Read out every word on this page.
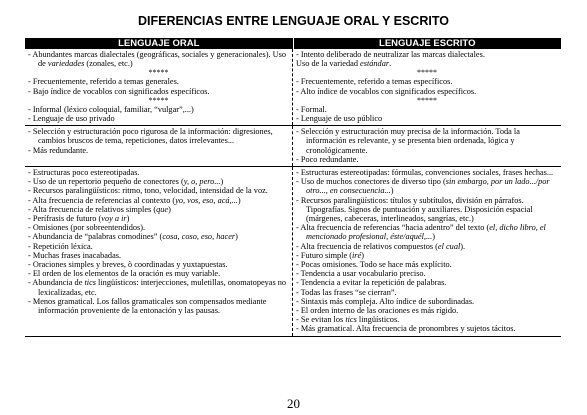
DIFERENCIAS ENTRE LENGUAJE ORAL Y ESCRITO
LENGUAJE ORAL	LENGUAJE ESCRITO
- Abundantes marcas dialectales (geográficas, sociales y generacionales). Uso de variedades (zonales, etc.)
*****
- Frecuentemente, referido a temas generales.
- Bajo índice de vocablos con significados específicos.
*****
- Informal (léxico coloquial, familiar, “vulgar”,...)
- Lenguaje de uso privado
- Intento deliberado de neutralizar las marcas dialectales.
Uso de la variedad estándar.
*****
- Frecuentemente, referido a temas específicos.
- Alto índice de vocablos con significados específicos.
*****
- Formal.
- Lenguaje de uso público
- Selección y estructuración poco rigurosa de la información: digresiones, cambios bruscos de tema, repeticiones, datos irrelevantes...
- Más redundante.
- Selección y estructuración muy precisa de la información. Toda la información es relevante, y se presenta bien ordenada, lógica y cronológicamente.
- Poco redundante.
- Estructuras poco estereotipadas.
- Uso de un repertorio pequeño de conectores (y, o, pero...)
- Recursos paralingüísticos: ritmo, tono, velocidad, intensidad de la voz.
- Alta frecuencia de referencias al contexto (yo, vos, eso, acá,...)
- Alta frecuencia de relativos simples (que)
- Perífrasis de futuro (voy a ir)
- Omisiones (por sobreentendidos).
- Abundancia de “palabras comodines” (cosa, coso, eso, hacer)
- Repetición léxica.
- Muchas frases inacabadas.
- Oraciones simples y breves, ò coordinadas y yuxtapuestas.
- El orden de los elementos de la oración es muy variable.
- Abundancia de tics lingüísticos: interjecciones, muletillas, onomatopeyas no lexicalizadas, etc.
- Menos gramatical. Los fallos gramaticales son compensados mediante información proveniente de la entonación y las pausas.
- Estructuras estereotipadas: fórmulas, convenciones sociales, frases hechas...
- Uso de muchos conectores de diverso tipo (sin embargo, por un lado.../por otro..., en consecuencia...)
- Recursos paralingüísticos: títulos y subtítulos, división en párrafos. Tipografías. Signos de puntuación y auxiliares. Disposición espacial (márgenes, cabeceras, interlineados, sangrías, etc.)
- Alta frecuencia de referencias “hacia adentro” del texto (el, dicho libro, el mencionado profesional, éste/aquél,...)
- Alta frecuencia de relativos compuestos (el cual).
- Futuro simple (iré)
- Pocas omisiones. Todo se hace más explícito.
- Tendencia a usar vocabulario preciso.
- Tendencia a evitar la repetición de palabras.
- Todas las frases “se cierran”.
- Sintaxis más compleja. Alto índice de subordinadas.
- El orden interno de las oraciones es más rígido.
- Se evitan los tics lingüísticos.
- Más gramatical. Alta frecuencia de pronombres y sujetos tácitos.
20
